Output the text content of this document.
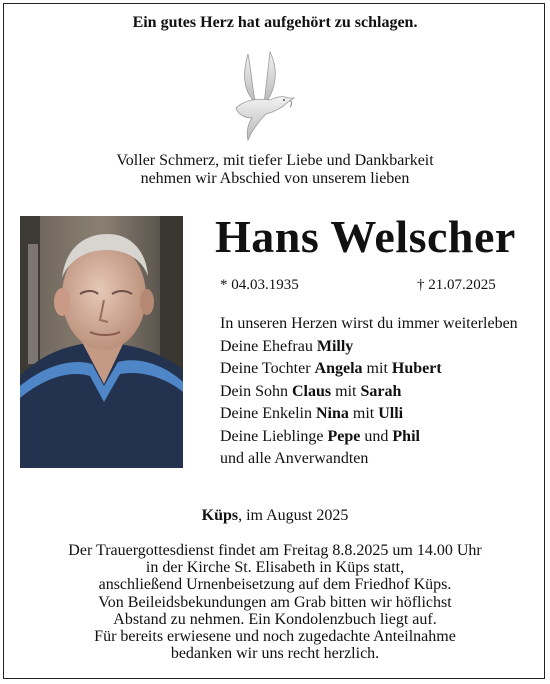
Ein gutes Herz hat aufgehört zu schlagen.
Voller Schmerz, mit tiefer Liebe und Dankbarkeit
nehmen wir Abschied von unserem lieben
Hans Welscher
* 04.03.1935	† 21.07.2025
In unseren Herzen wirst du immer weiterleben
Deine Ehefrau Milly
Deine Tochter Angela mit Hubert
Dein Sohn Claus mit Sarah
Deine Enkelin Nina mit Ulli
Deine Lieblinge Pepe und Phil
und alle Anverwandten
Küps, im August 2025
Der Trauergottesdienst findet am Freitag 8.8.2025 um 14.00 Uhr
in der Kirche St. Elisabeth in Küps statt,
anschließend Urnenbeisetzung auf dem Friedhof Küps.
Von Beileidsbekundungen am Grab bitten wir höflichst
Abstand zu nehmen. Ein Kondolenzbuch liegt auf.
Für bereits erwiesene und noch zugedachte Anteilnahme
bedanken wir uns recht herzlich.
